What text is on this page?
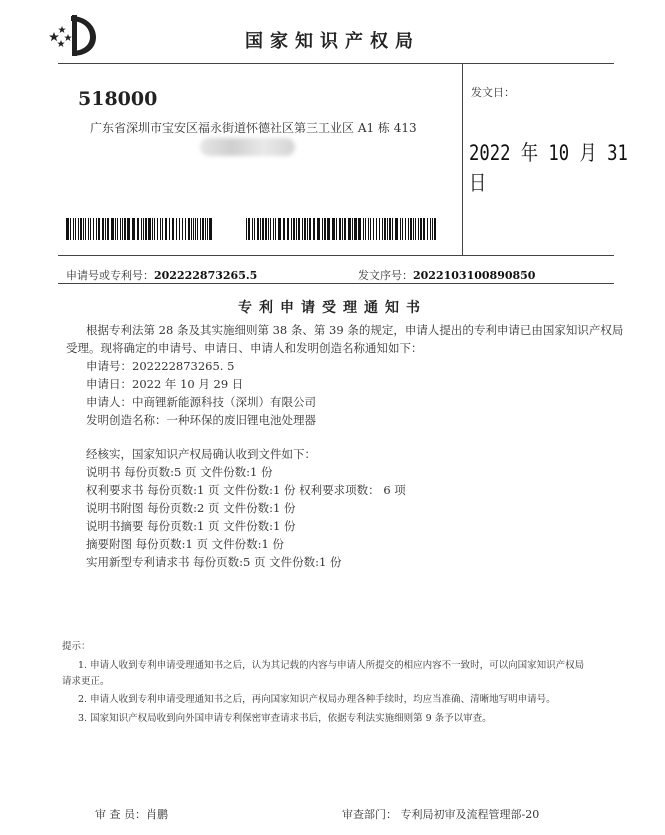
国家知识产权局
518000
广东省深圳市宝安区福永街道怀德社区第三工业区 A1 栋 413
发文日：
2022 年 10 月 31 日
申请号或专利号：202222873265.5	发文序号：2022103100890850
专利申请受理通知书
根据专利法第 28 条及其实施细则第 38 条、第 39 条的规定，申请人提出的专利申请已由国家知识产权局
受理。现将确定的申请号、申请日、申请人和发明创造名称通知如下：
申请号：202222873265. 5
申请日：2022 年 10 月 29 日
申请人：中商锂新能源科技（深圳）有限公司
发明创造名称：一种环保的废旧锂电池处理器
经核实，国家知识产权局确认收到文件如下：
说明书 每份页数:5 页 文件份数:1 份
权利要求书 每份页数:1 页 文件份数:1 份 权利要求项数： 6 项
说明书附图 每份页数:2 页 文件份数:1 份
说明书摘要 每份页数:1 页 文件份数:1 份
摘要附图 每份页数:1 页 文件份数:1 份
实用新型专利请求书 每份页数:5 页 文件份数:1 份
提示：
1. 申请人收到专利申请受理通知书之后，认为其记载的内容与申请人所提交的相应内容不一致时，可以向国家知识产权局
请求更正。
2. 申请人收到专利申请受理通知书之后，再向国家知识产权局办理各种手续时，均应当准确、清晰地写明申请号。
3. 国家知识产权局收到向外国申请专利保密审查请求书后，依据专利法实施细则第 9 条予以审查。
审 查 员：肖鹏	审查部门： 专利局初审及流程管理部-20
